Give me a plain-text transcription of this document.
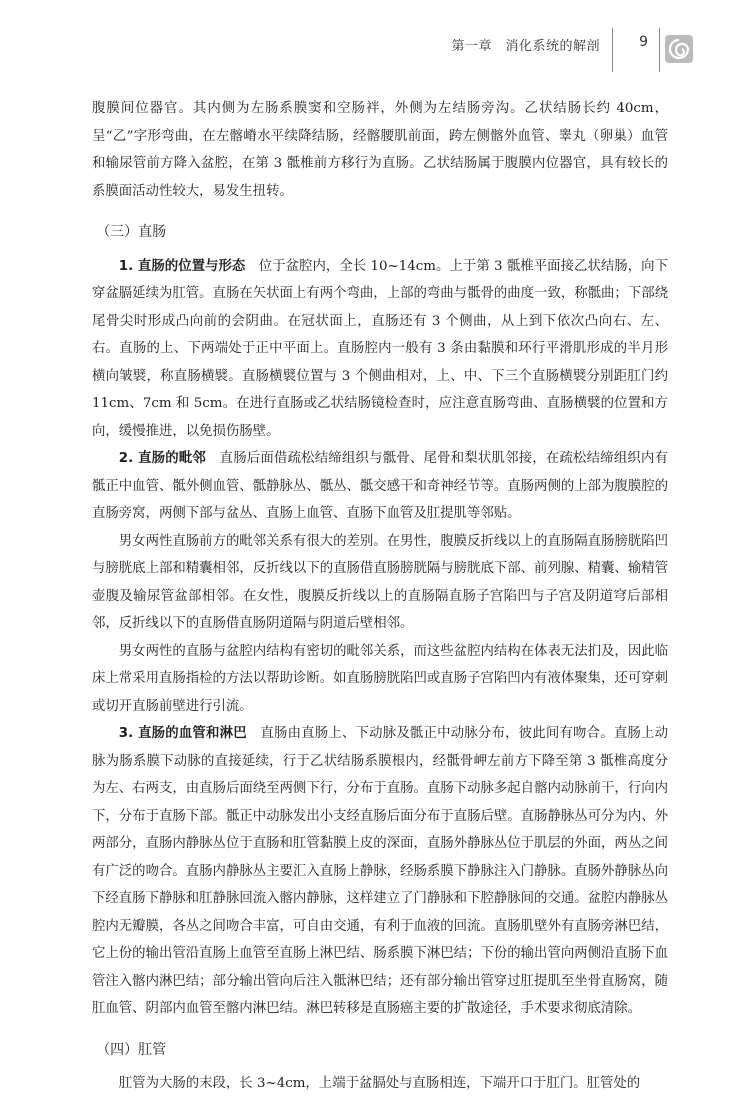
第一章　消化系统的解剖	9

腹膜间位器官。其内侧为左肠系膜窦和空肠袢，外侧为左结肠旁沟。乙状结肠长约 40cm，呈“乙”字形弯曲，在左髂嵴水平续降结肠，经髂腰肌前面，跨左侧髂外血管、睾丸（卵巢）血管和输尿管前方降入盆腔，在第 3 骶椎前方移行为直肠。乙状结肠属于腹膜内位器官，具有较长的系膜面活动性较大，易发生扭转。

（三）直肠

1. 直肠的位置与形态　位于盆腔内，全长 10~14cm。上于第 3 骶椎平面接乙状结肠，向下穿盆膈延续为肛管。直肠在矢状面上有两个弯曲，上部的弯曲与骶骨的曲度一致，称骶曲；下部绕尾骨尖时形成凸向前的会阴曲。在冠状面上，直肠还有 3 个侧曲，从上到下依次凸向右、左、右。直肠的上、下两端处于正中平面上。直肠腔内一般有 3 条由黏膜和环行平滑肌形成的半月形横向皱襞，称直肠横襞。直肠横襞位置与 3 个侧曲相对，上、中、下三个直肠横襞分别距肛门约 11cm、7cm 和 5cm。在进行直肠或乙状结肠镜检查时，应注意直肠弯曲、直肠横襞的位置和方向，缓慢推进，以免损伤肠壁。

2. 直肠的毗邻　直肠后面借疏松结缔组织与骶骨、尾骨和梨状肌邻接，在疏松结缔组织内有骶正中血管、骶外侧血管、骶静脉丛、骶丛、骶交感干和奇神经节等。直肠两侧的上部为腹膜腔的直肠旁窝，两侧下部与盆丛、直肠上血管、直肠下血管及肛提肌等邻贴。

男女两性直肠前方的毗邻关系有很大的差别。在男性，腹膜反折线以上的直肠隔直肠膀胱陷凹与膀胱底上部和精囊相邻，反折线以下的直肠借直肠膀胱隔与膀胱底下部、前列腺、精囊、输精管壶腹及输尿管盆部相邻。在女性，腹膜反折线以上的直肠隔直肠子宫陷凹与子宫及阴道穹后部相邻，反折线以下的直肠借直肠阴道隔与阴道后壁相邻。

男女两性的直肠与盆腔内结构有密切的毗邻关系，而这些盆腔内结构在体表无法扪及，因此临床上常采用直肠指检的方法以帮助诊断。如直肠膀胱陷凹或直肠子宫陷凹内有液体聚集，还可穿刺或切开直肠前壁进行引流。

3. 直肠的血管和淋巴　直肠由直肠上、下动脉及骶正中动脉分布，彼此间有吻合。直肠上动脉为肠系膜下动脉的直接延续，行于乙状结肠系膜根内，经骶骨岬左前方下降至第 3 骶椎高度分为左、右两支，由直肠后面绕至两侧下行，分布于直肠。直肠下动脉多起自髂内动脉前干，行向内下，分布于直肠下部。骶正中动脉发出小支经直肠后面分布于直肠后壁。直肠静脉丛可分为内、外两部分，直肠内静脉丛位于直肠和肛管黏膜上皮的深面，直肠外静脉丛位于肌层的外面，两丛之间有广泛的吻合。直肠内静脉丛主要汇入直肠上静脉，经肠系膜下静脉注入门静脉。直肠外静脉丛向下经直肠下静脉和肛静脉回流入髂内静脉，这样建立了门静脉和下腔静脉间的交通。盆腔内静脉丛腔内无瓣膜，各丛之间吻合丰富，可自由交通，有利于血液的回流。直肠肌壁外有直肠旁淋巴结，它上份的输出管沿直肠上血管至直肠上淋巴结、肠系膜下淋巴结；下份的输出管向两侧沿直肠下血管注入髂内淋巴结；部分输出管向后注入骶淋巴结；还有部分输出管穿过肛提肌至坐骨直肠窝，随肛血管、阴部内血管至髂内淋巴结。淋巴转移是直肠癌主要的扩散途径，手术要求彻底清除。

（四）肛管

肛管为大肠的末段，长 3~4cm，上端于盆膈处与直肠相连，下端开口于肛门。肛管处的
